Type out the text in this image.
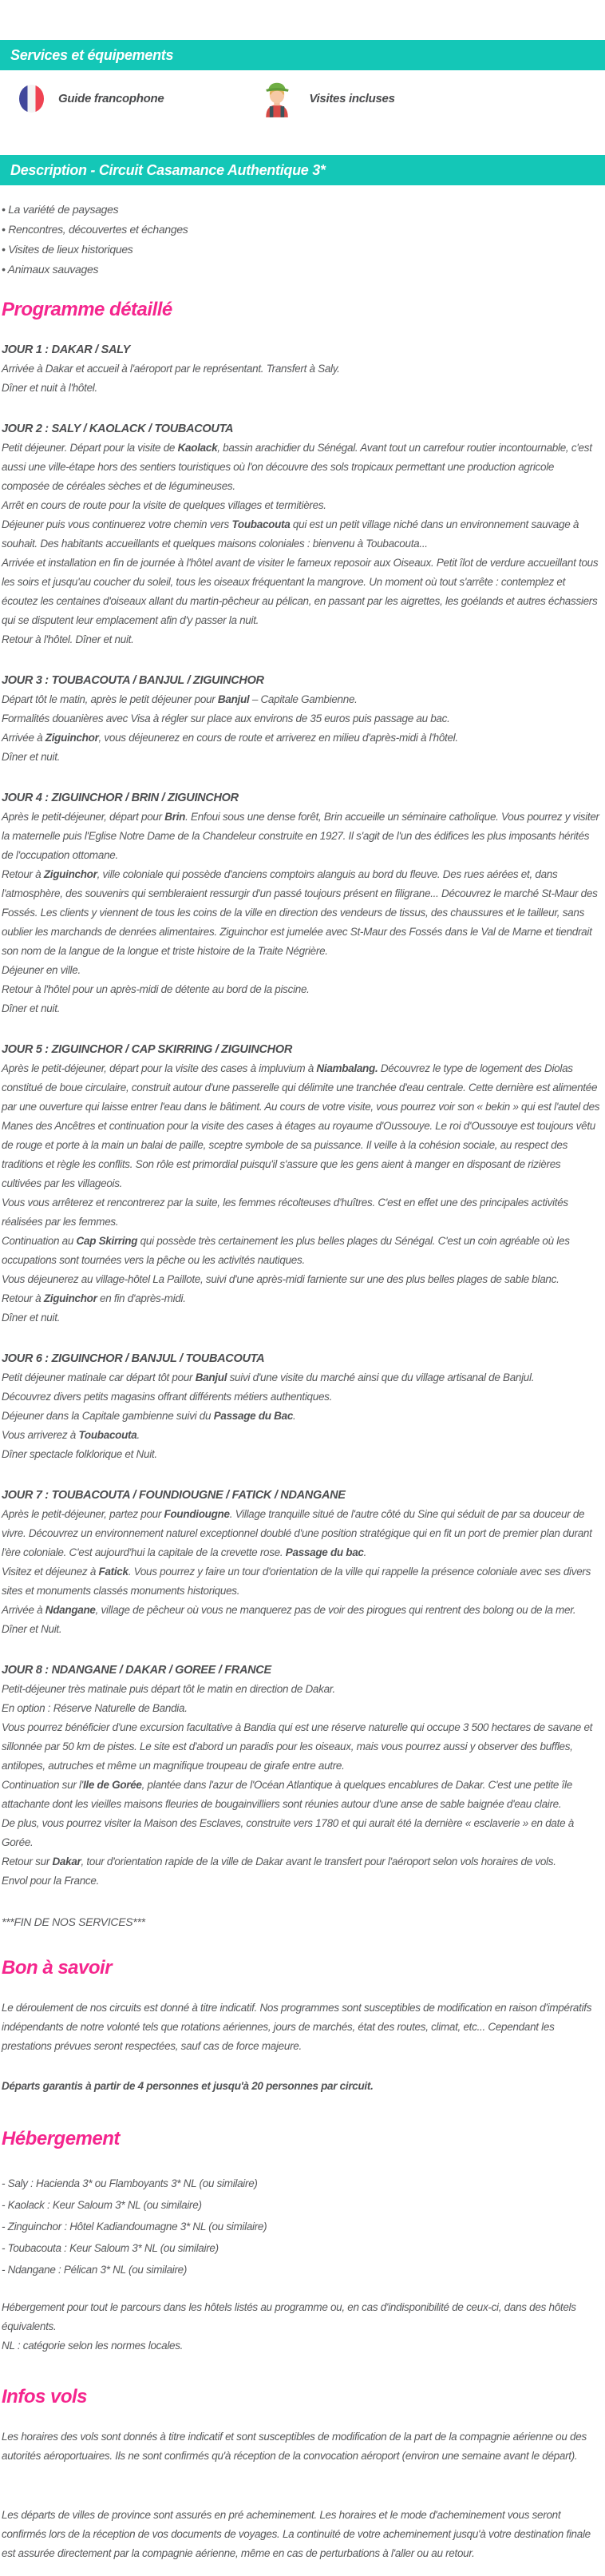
Services et équipements
Guide francophone	Visites incluses
Description - Circuit Casamance Authentique 3*
• La variété de paysages
• Rencontres, découvertes et échanges
• Visites de lieux historiques
• Animaux sauvages
Programme détaillé
JOUR 1 : DAKAR / SALY

Arrivée à Dakar et accueil à l'aéroport par le représentant. Transfert à Saly.

Dîner et nuit à l'hôtel.

JOUR 2 : SALY / KAOLACK / TOUBACOUTA

Petit déjeuner. Départ pour la visite de Kaolack, bassin arachidier du Sénégal. Avant tout un carrefour routier incontournable, c'est aussi une ville-étape hors des sentiers touristiques où l'on découvre des sols tropicaux permettant une production agricole composée de céréales sèches et de légumineuses.

Arrêt en cours de route pour la visite de quelques villages et termitières.

Déjeuner puis vous continuerez votre chemin vers Toubacouta qui est un petit village niché dans un environnement sauvage à souhait. Des habitants accueillants et quelques maisons coloniales : bienvenu à Toubacouta...

Arrivée et installation en fin de journée à l'hôtel avant de visiter le fameux reposoir aux Oiseaux. Petit îlot de verdure accueillant tous les soirs et jusqu'au coucher du soleil, tous les oiseaux fréquentant la mangrove. Un moment où tout s'arrête : contemplez et écoutez les centaines d'oiseaux allant du martin-pêcheur au pélican, en passant par les aigrettes, les goélands et autres échassiers qui se disputent leur emplacement afin d'y passer la nuit.

Retour à l'hôtel. Dîner et nuit.

JOUR 3 : TOUBACOUTA / BANJUL / ZIGUINCHOR

Départ tôt le matin, après le petit déjeuner pour Banjul – Capitale Gambienne.

Formalités douanières avec Visa à régler sur place aux environs de 35 euros puis passage au bac.

Arrivée à Ziguinchor, vous déjeunerez en cours de route et arriverez en milieu d'après-midi à l'hôtel.

Dîner et nuit.

JOUR 4 : ZIGUINCHOR / BRIN / ZIGUINCHOR

Après le petit-déjeuner, départ pour Brin. Enfoui sous une dense forêt, Brin accueille un séminaire catholique. Vous pourrez y visiter la maternelle puis l'Eglise Notre Dame de la Chandeleur construite en 1927. Il s'agit de l'un des édifices les plus imposants hérités de l'occupation ottomane.

Retour à Ziguinchor, ville coloniale qui possède d'anciens comptoirs alanguis au bord du fleuve. Des rues aérées et, dans l'atmosphère, des souvenirs qui sembleraient ressurgir d'un passé toujours présent en filigrane... Découvrez le marché St-Maur des Fossés. Les clients y viennent de tous les coins de la ville en direction des vendeurs de tissus, des chaussures et le tailleur, sans oublier les marchands de denrées alimentaires. Ziguinchor est jumelée avec St-Maur des Fossés dans le Val de Marne et tiendrait son nom de la langue de la longue et triste histoire de la Traite Négrière.

Déjeuner en ville.

Retour à l'hôtel pour un après-midi de détente au bord de la piscine.

Dîner et nuit.

JOUR 5 : ZIGUINCHOR / CAP SKIRRING / ZIGUINCHOR

Après le petit-déjeuner, départ pour la visite des cases à impluvium à Niambalang. Découvrez le type de logement des Diolas constitué de boue circulaire, construit autour d'une passerelle qui délimite une tranchée d'eau centrale. Cette dernière est alimentée par une ouverture qui laisse entrer l'eau dans le bâtiment. Au cours de votre visite, vous pourrez voir son « bekin » qui est l'autel des Manes des Ancêtres et continuation pour la visite des cases à étages au royaume d'Oussouye. Le roi d'Oussouye est toujours vêtu de rouge et porte à la main un balai de paille, sceptre symbole de sa puissance. Il veille à la cohésion sociale, au respect des traditions et règle les conflits. Son rôle est primordial puisqu'il s'assure que les gens aient à manger en disposant de rizières cultivées par les villageois.

Vous vous arrêterez et rencontrerez par la suite, les femmes récolteuses d'huîtres. C'est en effet une des principales activités réalisées par les femmes.

Continuation au Cap Skirring qui possède très certainement les plus belles plages du Sénégal. C'est un coin agréable où les occupations sont tournées vers la pêche ou les activités nautiques.

Vous déjeunerez au village-hôtel La Paillote, suivi d'une après-midi farniente sur une des plus belles plages de sable blanc.

Retour à Ziguinchor en fin d'après-midi.

Dîner et nuit.

JOUR 6 : ZIGUINCHOR / BANJUL / TOUBACOUTA

Petit déjeuner matinale car départ tôt pour Banjul suivi d'une visite du marché ainsi que du village artisanal de Banjul.

Découvrez divers petits magasins offrant différents métiers authentiques.

Déjeuner dans la Capitale gambienne suivi du Passage du Bac.

Vous arriverez à Toubacouta.

Dîner spectacle folklorique et Nuit.

JOUR 7 : TOUBACOUTA / FOUNDIOUGNE / FATICK / NDANGANE

Après le petit-déjeuner, partez pour Foundiougne. Village tranquille situé de l'autre côté du Sine qui séduit de par sa douceur de vivre. Découvrez un environnement naturel exceptionnel doublé d'une position stratégique qui en fit un port de premier plan durant l'ère coloniale. C'est aujourd'hui la capitale de la crevette rose. Passage du bac.

Visitez et déjeunez à Fatick. Vous pourrez y faire un tour d'orientation de la ville qui rappelle la présence coloniale avec ses divers sites et monuments classés monuments historiques.

Arrivée à Ndangane, village de pêcheur où vous ne manquerez pas de voir des pirogues qui rentrent des bolong ou de la mer.

Dîner et Nuit.

JOUR 8 : NDANGANE / DAKAR / GOREE / FRANCE

Petit-déjeuner très matinale puis départ tôt le matin en direction de Dakar.

En option : Réserve Naturelle de Bandia.

Vous pourrez bénéficier d'une excursion facultative à Bandia qui est une réserve naturelle qui occupe 3 500 hectares de savane et sillonnée par 50 km de pistes. Le site est d'abord un paradis pour les oiseaux, mais vous pourrez aussi y observer des buffles, antilopes, autruches et même un magnifique troupeau de girafe entre autre.

Continuation sur l'Ile de Gorée, plantée dans l'azur de l'Océan Atlantique à quelques encablures de Dakar. C'est une petite île attachante dont les vieilles maisons fleuries de bougainvilliers sont réunies autour d'une anse de sable baignée d'eau claire.

De plus, vous pourrez visiter la Maison des Esclaves, construite vers 1780 et qui aurait été la dernière « esclaverie » en date à Gorée.

Retour sur Dakar, tour d'orientation rapide de la ville de Dakar avant le transfert pour l'aéroport selon vols horaires de vols.

Envol pour la France.

***FIN DE NOS SERVICES***

Bon à savoir

Le déroulement de nos circuits est donné à titre indicatif. Nos programmes sont susceptibles de modification en raison d'impératifs indépendants de notre volonté tels que rotations aériennes, jours de marchés, état des routes, climat, etc... Cependant les prestations prévues seront respectées, sauf cas de force majeure.

Départs garantis à partir de 4 personnes et jusqu'à 20 personnes par circuit.

Hébergement
- Saly : Hacienda 3* ou Flamboyants 3* NL (ou similaire)
- Kaolack : Keur Saloum 3* NL (ou similaire)
- Zinguinchor : Hôtel Kadiandoumagne 3* NL (ou similaire)
- Toubacouta : Keur Saloum 3* NL (ou similaire)
- Ndangane : Pélican 3* NL (ou similaire)

Hébergement pour tout le parcours dans les hôtels listés au programme ou, en cas d'indisponibilité de ceux-ci, dans des hôtels équivalents.

NL : catégorie selon les normes locales.

Infos vols

Les horaires des vols sont donnés à titre indicatif et sont susceptibles de modification de la part de la compagnie aérienne ou des autorités aéroportuaires. Ils ne sont confirmés qu'à réception de la convocation aéroport (environ une semaine avant le départ).

Les départs de villes de province sont assurés en pré acheminement. Les horaires et le mode d'acheminement vous seront confirmés lors de la réception de vos documents de voyages. La continuité de votre acheminement jusqu'à votre destination finale est assurée directement par la compagnie aérienne, même en cas de perturbations à l'aller ou au retour.
